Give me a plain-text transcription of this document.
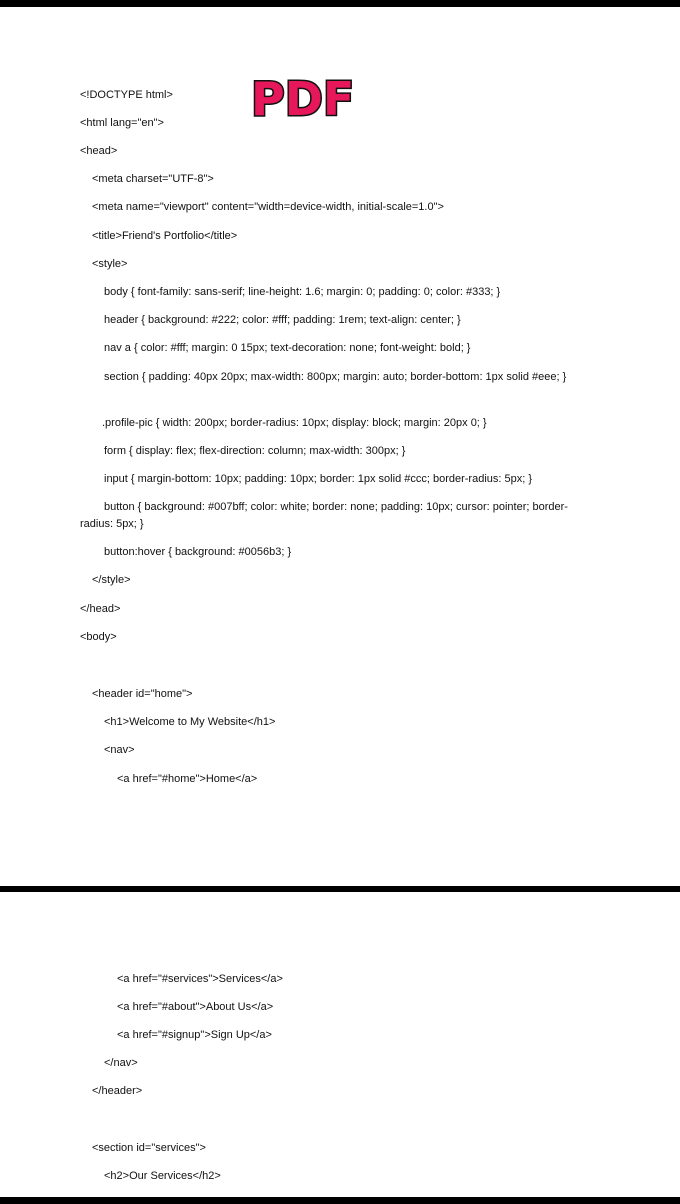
PDF
<!DOCTYPE html>
<html lang="en">
<head>
<meta charset="UTF-8">
<meta name="viewport" content="width=device-width, initial-scale=1.0">
<title>Friend's Portfolio</title>
<style>
body { font-family: sans-serif; line-height: 1.6; margin: 0; padding: 0; color: #333; }
header { background: #222; color: #fff; padding: 1rem; text-align: center; }
nav a { color: #fff; margin: 0 15px; text-decoration: none; font-weight: bold; }
section { padding: 40px 20px; max-width: 800px; margin: auto; border-bottom: 1px solid #eee; }
.profile-pic { width: 200px; border-radius: 10px; display: block; margin: 20px 0; }
form { display: flex; flex-direction: column; max-width: 300px; }
input { margin-bottom: 10px; padding: 10px; border: 1px solid #ccc; border-radius: 5px; }
button { background: #007bff; color: white; border: none; padding: 10px; cursor: pointer; border-radius: 5px; }
button:hover { background: #0056b3; }
</style>
</head>
<body>
<header id="home">
<h1>Welcome to My Website</h1>
<nav>
<a href="#home">Home</a>
<a href="#services">Services</a>
<a href="#about">About Us</a>
<a href="#signup">Sign Up</a>
</nav>
</header>
<section id="services">
<h2>Our Services</h2>
